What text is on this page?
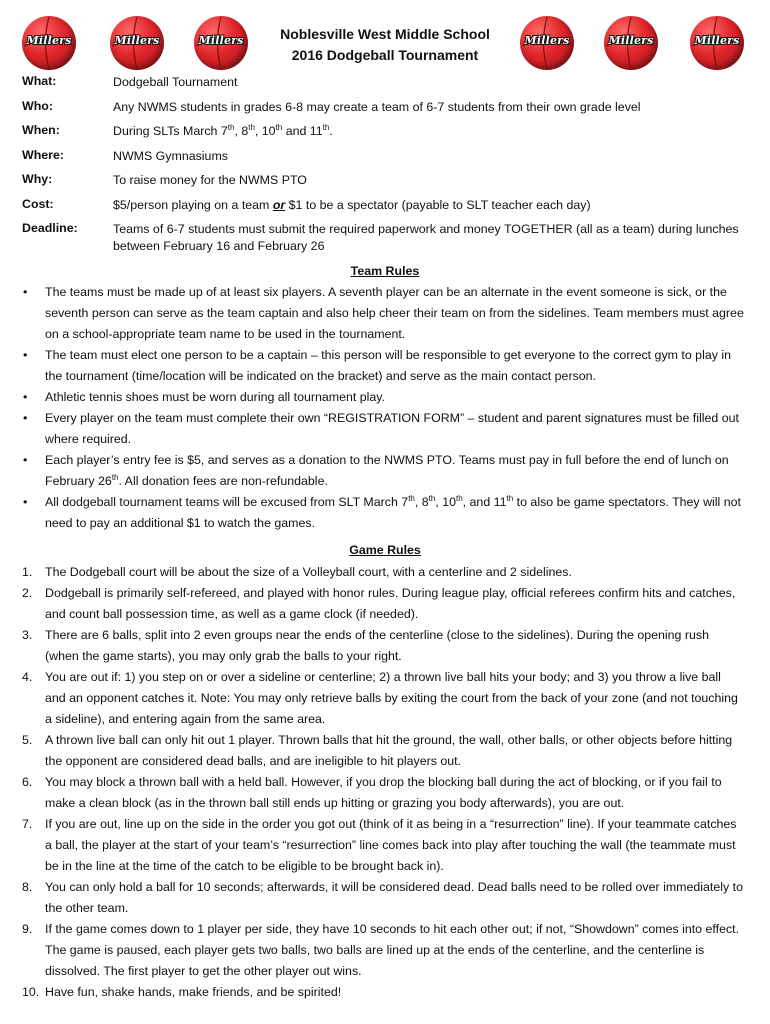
Millers	Millers	Millers	Noblesville West Middle School
2016 Dodgeball Tournament
Millers	Millers	Millers
What:	Dodgeball Tournament
Who:	Any NWMS students in grades 6-8 may create a team of 6-7 students from their own grade level
When:	During SLTs March 7th, 8th, 10th and 11th.
Where:	NWMS Gymnasiums
Why:	To raise money for the NWMS PTO
Cost:	$5/person playing on a team or $1 to be a spectator (payable to SLT teacher each day)
Deadline:	Teams of 6-7 students must submit the required paperwork and money TOGETHER (all as a team) during lunches between February 16 and February 26
Team Rules
• The teams must be made up of at least six players. A seventh player can be an alternate in the event someone is sick, or the seventh person can serve as the team captain and also help cheer their team on from the sidelines. Team members must agree on a school-appropriate team name to be used in the tournament.
• The team must elect one person to be a captain – this person will be responsible to get everyone to the correct gym to play in the tournament (time/location will be indicated on the bracket) and serve as the main contact person.
• Athletic tennis shoes must be worn during all tournament play.
• Every player on the team must complete their own “REGISTRATION FORM” – student and parent signatures must be filled out where required.
• Each player’s entry fee is $5, and serves as a donation to the NWMS PTO. Teams must pay in full before the end of lunch on February 26th. All donation fees are non-refundable.
• All dodgeball tournament teams will be excused from SLT March 7th, 8th, 10th, and 11th to also be game spectators. They will not need to pay an additional $1 to watch the games.
Game Rules
1. The Dodgeball court will be about the size of a Volleyball court, with a centerline and 2 sidelines.
2. Dodgeball is primarily self-refereed, and played with honor rules. During league play, official referees confirm hits and catches, and count ball possession time, as well as a game clock (if needed).
3. There are 6 balls, split into 2 even groups near the ends of the centerline (close to the sidelines). During the opening rush (when the game starts), you may only grab the balls to your right.
4. You are out if: 1) you step on or over a sideline or centerline; 2) a thrown live ball hits your body; and 3) you throw a live ball and an opponent catches it. Note: You may only retrieve balls by exiting the court from the back of your zone (and not touching a sideline), and entering again from the same area.
5. A thrown live ball can only hit out 1 player. Thrown balls that hit the ground, the wall, other balls, or other objects before hitting the opponent are considered dead balls, and are ineligible to hit players out.
6. You may block a thrown ball with a held ball. However, if you drop the blocking ball during the act of blocking, or if you fail to make a clean block (as in the thrown ball still ends up hitting or grazing you body afterwards), you are out.
7. If you are out, line up on the side in the order you got out (think of it as being in a “resurrection” line). If your teammate catches a ball, the player at the start of your team’s “resurrection” line comes back into play after touching the wall (the teammate must be in the line at the time of the catch to be eligible to be brought back in).
8. You can only hold a ball for 10 seconds; afterwards, it will be considered dead. Dead balls need to be rolled over immediately to the other team.
9. If the game comes down to 1 player per side, they have 10 seconds to hit each other out; if not, “Showdown” comes into effect. The game is paused, each player gets two balls, two balls are lined up at the ends of the centerline, and the centerline is dissolved. The first player to get the other player out wins.
10. Have fun, shake hands, make friends, and be spirited!
